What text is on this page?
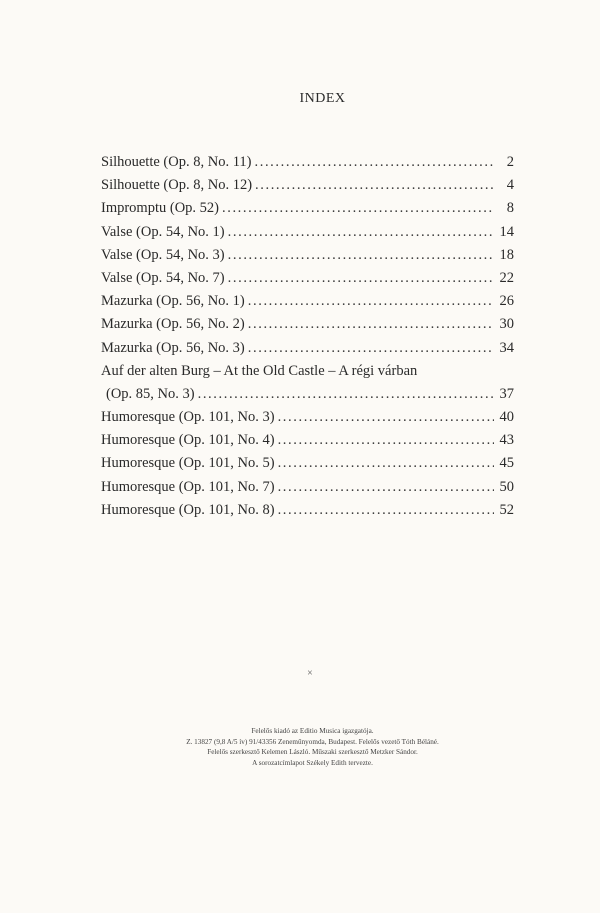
INDEX
Silhouette (Op. 8, No. 11) .....	2
Silhouette (Op. 8, No. 12) .....	4
Impromptu (Op. 52) .....	8
Valse (Op. 54, No. 1) .....	14
Valse (Op. 54, No. 3) .....	18
Valse (Op. 54, No. 7) .....	22
Mazurka (Op. 56, No. 1) .....	26
Mazurka (Op. 56, No. 2) .....	30
Mazurka (Op. 56, No. 3) .....	34
Auf der alten Burg – At the Old Castle – A régi várban
(Op. 85, No. 3) .....	37
Humoresque (Op. 101, No. 3) .....	40
Humoresque (Op. 101, No. 4) .....	43
Humoresque (Op. 101, No. 5) .....	45
Humoresque (Op. 101, No. 7) .....	50
Humoresque (Op. 101, No. 8) .....	52
×
Felelős kiadó az Editio Musica igazgatója.
Z. 13827 (9,8 A/5 ív) 91/43356 Zeneműnyomda, Budapest. Felelős vezető Tóth Béláné.
Felelős szerkesztő Kelemen László. Műszaki szerkesztő Metzker Sándor.
A sorozatcímlapot Székely Edith tervezte.
